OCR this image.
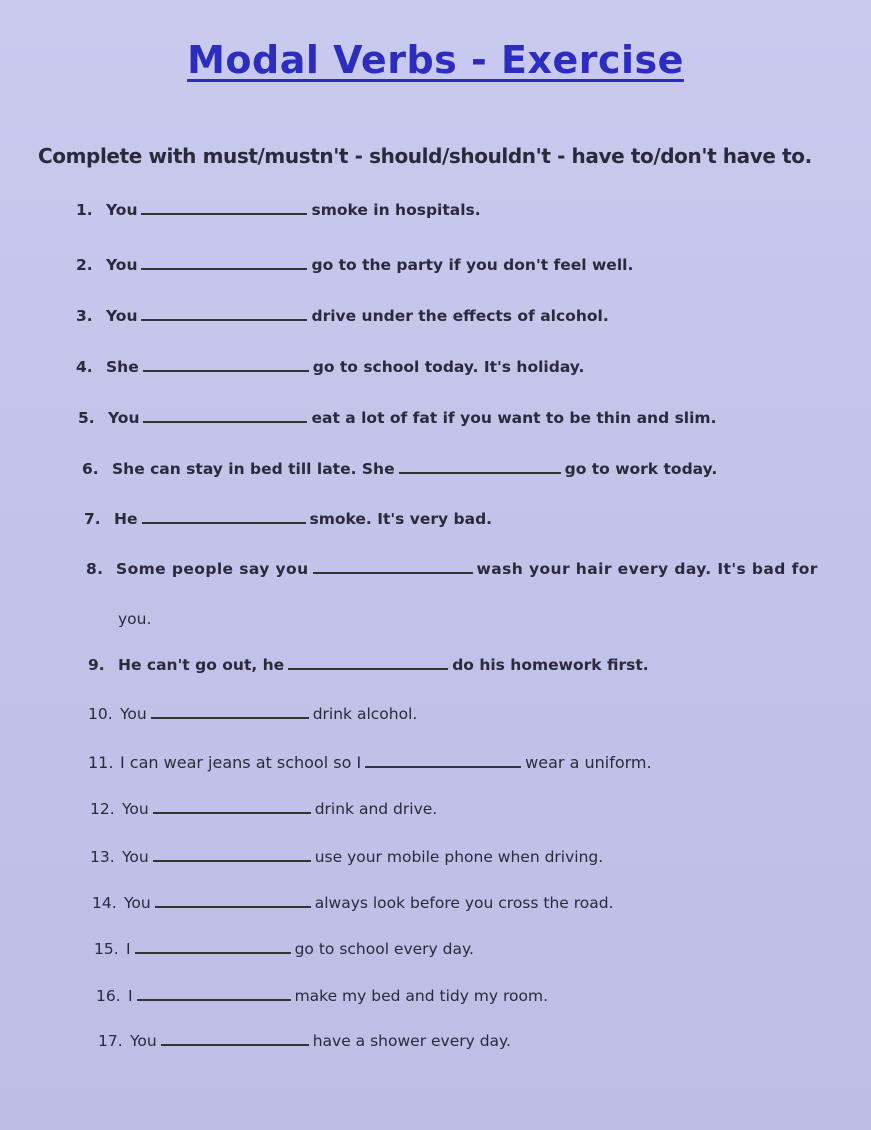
Modal Verbs - Exercise
Complete with must/mustn't - should/shouldn't - have to/don't have to.
1. You	smoke in hospitals.
2. You	go to the party if you don't feel well.
3. You	drive under the effects of alcohol.
4. She	go to school today. It's holiday.
5. You	eat a lot of fat if you want to be thin and slim.
6. She can stay in bed till late. She	go to work today.
7. He	smoke. It's very bad.
8. Some people say you	wash your hair every day. It's bad for
you.
9. He can't go out, he	do his homework first.
10. You	drink alcohol.
11. I can wear jeans at school so I	wear a uniform.
12. You	drink and drive.
13. You	use your mobile phone when driving.
14. You	always look before you cross the road.
15. I	go to school every day.
16. I	make my bed and tidy my room.
17. You	have a shower every day.
